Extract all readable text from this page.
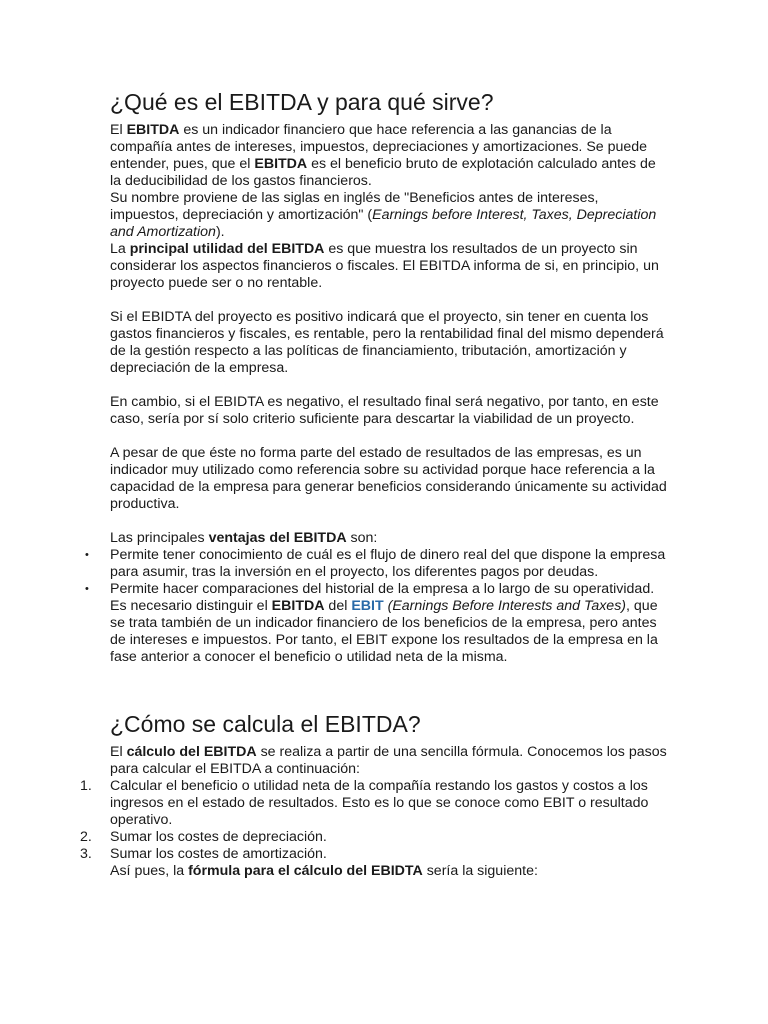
¿Qué es el EBITDA y para qué sirve?

El EBITDA es un indicador financiero que hace referencia a las ganancias de la compañía antes de intereses, impuestos, depreciaciones y amortizaciones. Se puede entender, pues, que el EBITDA es el beneficio bruto de explotación calculado antes de la deducibilidad de los gastos financieros.

Su nombre proviene de las siglas en inglés de "Beneficios antes de intereses, impuestos, depreciación y amortización" (Earnings before Interest, Taxes, Depreciation and Amortization).

La principal utilidad del EBITDA es que muestra los resultados de un proyecto sin considerar los aspectos financieros o fiscales. El EBITDA informa de si, en principio, un proyecto puede ser o no rentable.

Si el EBIDTA del proyecto es positivo indicará que el proyecto, sin tener en cuenta los gastos financieros y fiscales, es rentable, pero la rentabilidad final del mismo dependerá de la gestión respecto a las políticas de financiamiento, tributación, amortización y depreciación de la empresa.

En cambio, si el EBIDTA es negativo, el resultado final será negativo, por tanto, en este caso, sería por sí solo criterio suficiente para descartar la viabilidad de un proyecto.

A pesar de que éste no forma parte del estado de resultados de las empresas, es un indicador muy utilizado como referencia sobre su actividad porque hace referencia a la capacidad de la empresa para generar beneficios considerando únicamente su actividad productiva.

Las principales ventajas del EBITDA son:

• Permite tener conocimiento de cuál es el flujo de dinero real del que dispone la empresa para asumir, tras la inversión en el proyecto, los diferentes pagos por deudas.
• Permite hacer comparaciones del historial de la empresa a lo largo de su operatividad.

Es necesario distinguir el EBITDA del EBIT (Earnings Before Interests and Taxes), que se trata también de un indicador financiero de los beneficios de la empresa, pero antes de intereses e impuestos. Por tanto, el EBIT expone los resultados de la empresa en la fase anterior a conocer el beneficio o utilidad neta de la misma.

¿Cómo se calcula el EBITDA?

El cálculo del EBITDA se realiza a partir de una sencilla fórmula. Conocemos los pasos para calcular el EBITDA a continuación:

1. Calcular el beneficio o utilidad neta de la compañía restando los gastos y costos a los ingresos en el estado de resultados. Esto es lo que se conoce como EBIT o resultado operativo.
2. Sumar los costes de depreciación.
3. Sumar los costes de amortización.

Así pues, la fórmula para el cálculo del EBIDTA sería la siguiente:
